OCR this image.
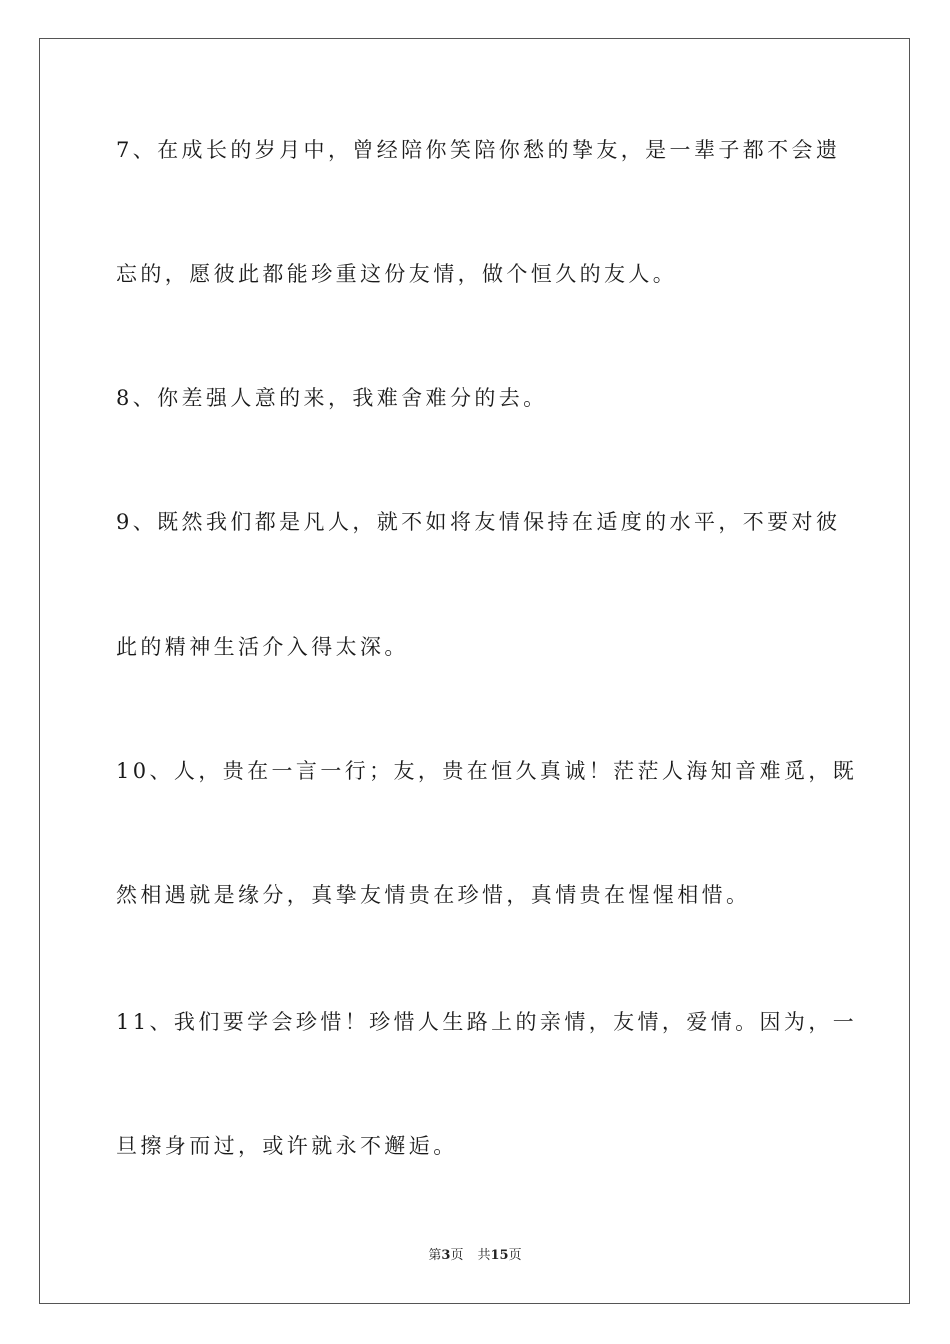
7、在成长的岁月中，曾经陪你笑陪你愁的挚友，是一辈子都不会遗
忘的，愿彼此都能珍重这份友情，做个恒久的友人。
8、你差强人意的来，我难舍难分的去。
9、既然我们都是凡人，就不如将友情保持在适度的水平，不要对彼
此的精神生活介入得太深。
10、人，贵在一言一行；友，贵在恒久真诚！茫茫人海知音难觅，既
然相遇就是缘分，真挚友情贵在珍惜，真情贵在惺惺相惜。
11、我们要学会珍惜！珍惜人生路上的亲情，友情，爱情。因为，一
旦擦身而过，或许就永不邂逅。
第3页 共15页
